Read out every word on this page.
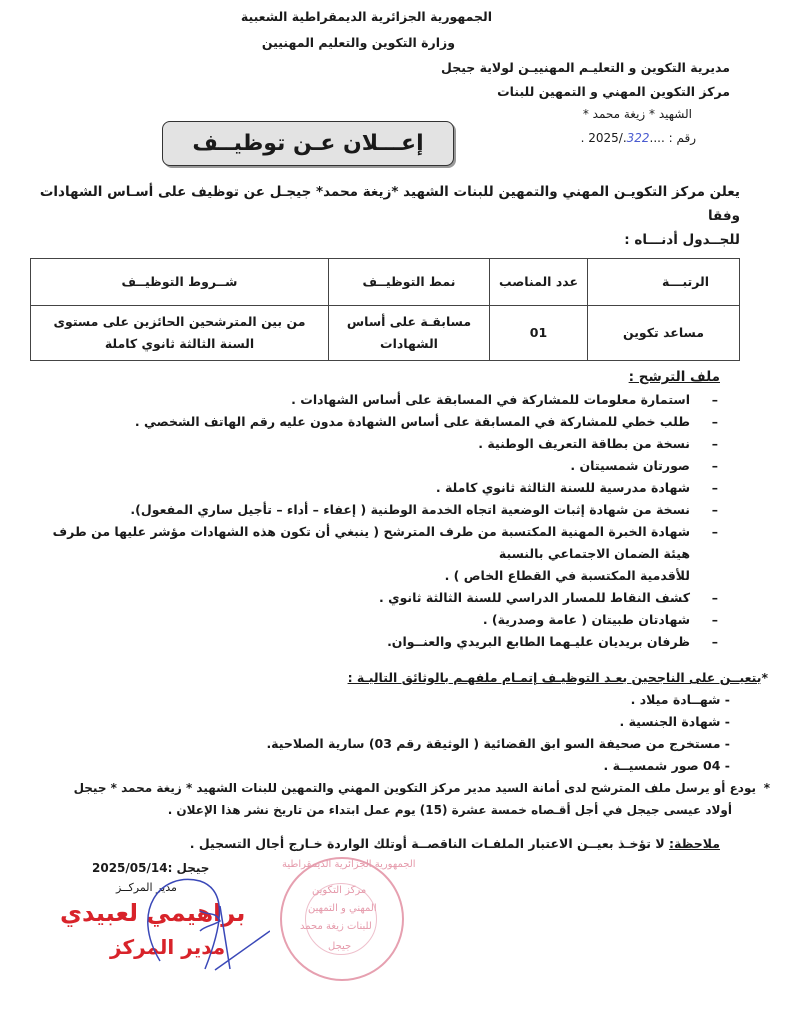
الجمهورية الجزائرية الديمقراطية الشعبية
وزارة التكوين والتعليم المهنيين
مديرية التكوين و التعليـم المهنييـن لولاية جيجل
مركز التكوين المهني و التمهين للبنات
الشهيد * زيغة محمد *
رقم : ....322./2025 .
إعـــلان عـن توظيــف
يعلن مركز التكويـن المهني والتمهين للبنات الشهيد *زيغة محمد* جيجـل عن توظيف على أسـاس الشهادات وفقا
للجــدول أدنـــاه :
الرتبـــة	عدد المناصب	نمط التوظيــف	شــروط التوظيــف
مساعد تكوين	01	مسابقـة على أساس الشهادات	من بين المترشحين الحائزين على مستوى السنة الثالثة ثانوي كاملة
ملف الترشح :
–
استمارة معلومات للمشاركة في المسابقة على أساس الشهادات .
–
طلب خطي للمشاركة في المسابقة على أساس الشهادة مدون عليه رقم الهاتف الشخصي .
–
نسخة من بطاقة التعريف الوطنية .
–
صورتان شمسيتان .
–
شهادة مدرسية للسنة الثالثة ثانوي كاملة .
–
نسخة من شهادة إثبات الوضعية اتجاه الخدمة الوطنية ( إعفاء – أداء – تأجيل ساري المفعول).
–
شهادة الخبرة المهنية المكتسبة من طرف المترشح ( ينبغي أن تكون هذه الشهادات مؤشر عليها من طرف هيئة الضمان الاجتماعي بالنسبة
للأقدمية المكتسبة في القطاع الخاص ) .
–
كشف النقاط للمسار الدراسي للسنة الثالثة ثانوي .
–
شهادتان طبيتان ( عامة وصدرية) .
–
ظرفان بريديان عليـهما الطابع البريدي والعنــوان.
*يتعيــن على الناجحين بعـد التوظيـف إتمـام ملفهـم بالوثائق التاليـة :
- شهــادة ميلاد .
- شهادة الجنسية .
- مستخرج من صحيفة السو ابق القضائية ( الوثيقة رقم 03) سارية الصلاحية.
- 04 صور شمسيــة .
*
يودع أو يرسل ملف المترشح لدى أمانة السيد مدير مركز التكوين المهني والتمهين للبنات الشهيد * زيغة محمد * جيجل
أولاد عيسى جيجل في أجل أقـصاه خمسة عشرة (15) يوم عمل ابتداء من تاريخ نشر هذا الإعلان .
ملاحظة: لا تؤخـذ بعيــن الاعتبار الملفـات الناقصــة أوتلك الواردة خـارج أجال التسجيل .
الجمهورية الجزائرية الديمقراطية
مركز التكوين
المهني و التمهين
للبنات زيغة محمد
جيجل
جيجل :2025/05/14
مدير المركــز
براهيمي لعبيدي
مدير المركز
